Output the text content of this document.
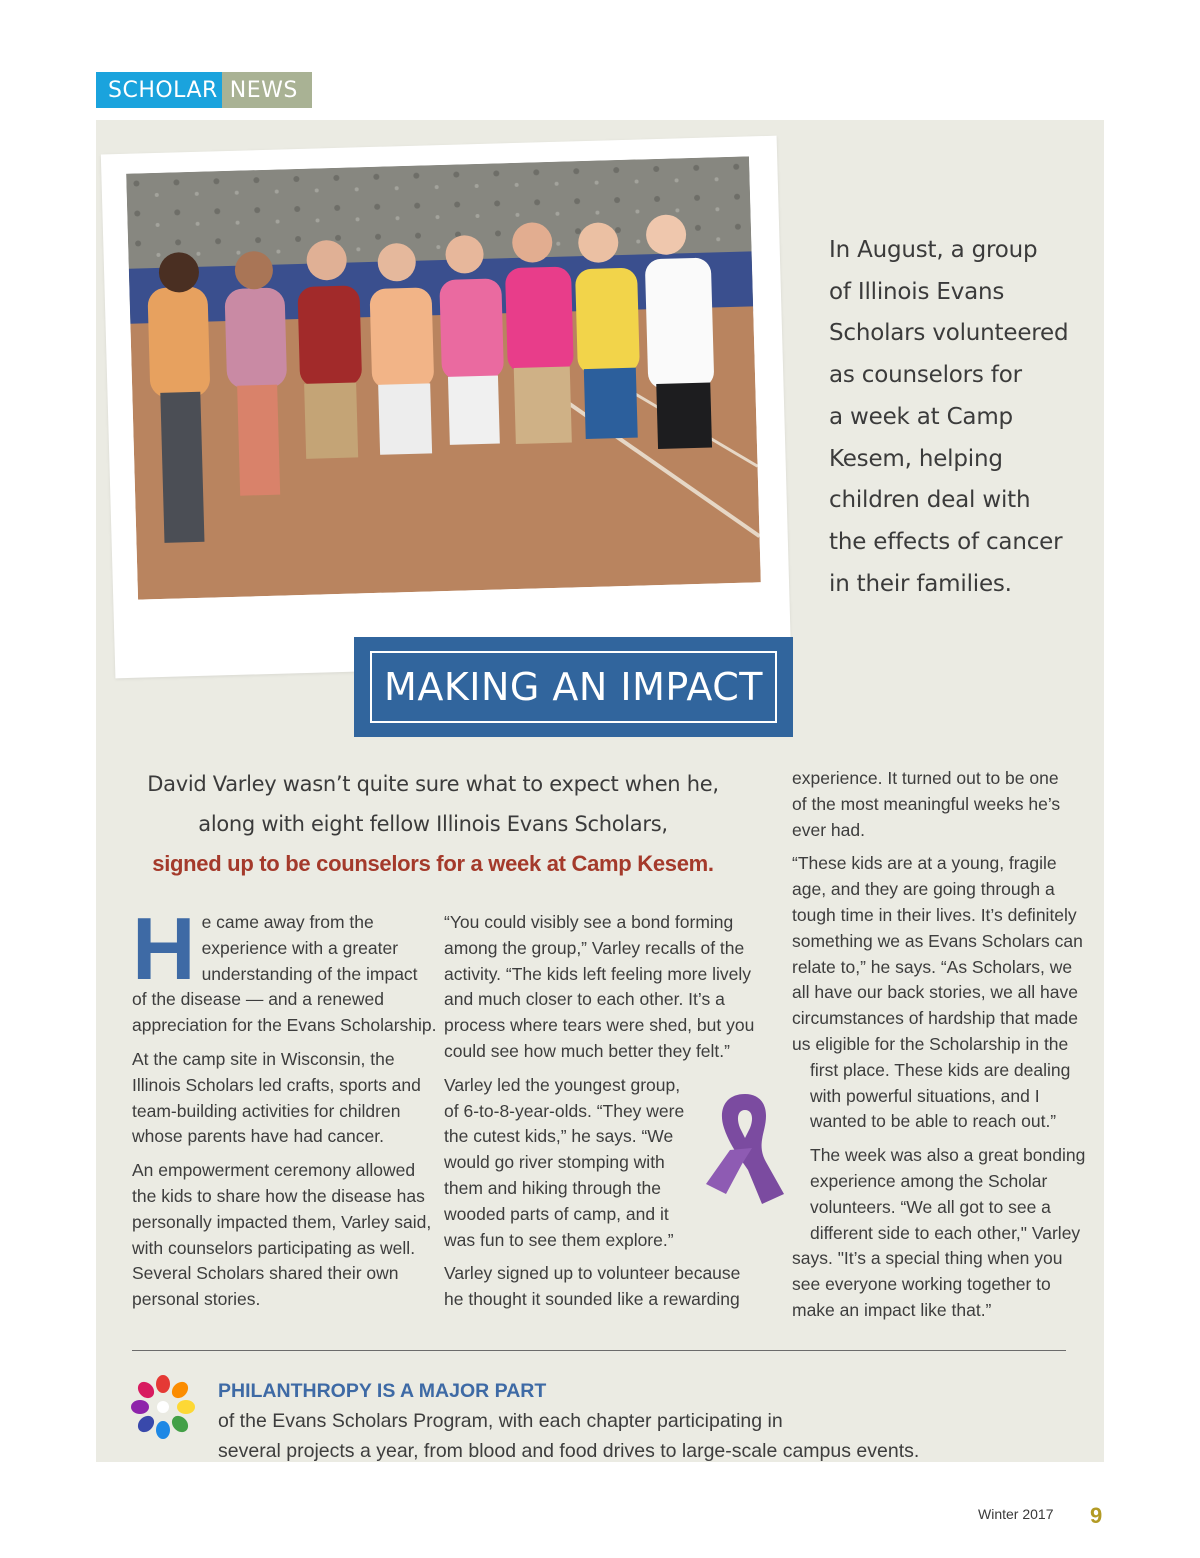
SCHOLAR NEWS
In August, a group
of Illinois Evans
Scholars volunteered
as counselors for
a week at Camp
Kesem, helping
children deal with
the effects of cancer
in their families.
MAKING AN IMPACT
David Varley wasn’t quite sure what to expect when he,
along with eight fellow Illinois Evans Scholars,
signed up to be counselors for a week at Camp Kesem.

H e came away from the
experience with a greater
understanding of the impact
of the disease — and a renewed
appreciation for the Evans Scholarship.

At the camp site in Wisconsin, the
Illinois Scholars led crafts, sports and
team-building activities for children
whose parents have had cancer.

An empowerment ceremony allowed
the kids to share how the disease has
personally impacted them, Varley said,
with counselors participating as well.
Several Scholars shared their own
personal stories.

“You could visibly see a bond forming
among the group,” Varley recalls of the
activity. “The kids left feeling more lively
and much closer to each other. It’s a
process where tears were shed, but you
could see how much better they felt.”

Varley led the youngest group,
of 6-to-8-year-olds. “They were
the cutest kids,” he says. “We
would go river stomping with
them and hiking through the
wooded parts of camp, and it
was fun to see them explore.”

Varley signed up to volunteer because
he thought it sounded like a rewarding

experience. It turned out to be one
of the most meaningful weeks he’s
ever had.

“These kids are at a young, fragile
age, and they are going through a
tough time in their lives. It’s definitely
something we as Evans Scholars can
relate to,” he says. “As Scholars, we
all have our back stories, we all have
circumstances of hardship that made
us eligible for the Scholarship in the
first place. These kids are dealing
with powerful situations, and I
wanted to be able to reach out.”

The week was also a great bonding
experience among the Scholar
volunteers. “We all got to see a
different side to each other," Varley
says. "It’s a special thing when you
see everyone working together to
make an impact like that.”

PHILANTHROPY IS A MAJOR PART
of the Evans Scholars Program, with each chapter participating in
several projects a year, from blood and food drives to large-scale campus events.
Winter 2017 9
